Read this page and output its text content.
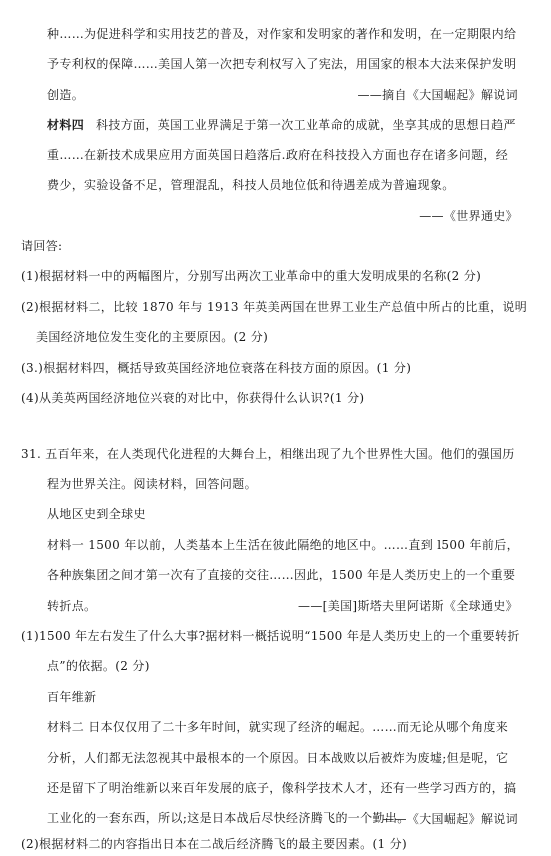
种……为促进科学和实用技艺的普及，对作家和发明家的著作和发明，在一定期限内给
予专利权的保障……美国人第一次把专利权写入了宪法，用国家的根本大法来保护发明
创造。	——摘自《大国崛起》解说词
材料四 科技方面，英国工业界满足于第一次工业革命的成就，坐享其成的思想日趋严
重……在新技术成果应用方面英国日趋落后.政府在科技投入方面也存在诸多问题，经
费少，实验设备不足，管理混乱，科技人员地位低和待遇差成为普遍现象。
——《世界通史》
请回答:
(1)根据材料一中的两幅图片，分别写出两次工业革命中的重大发明成果的名称(2 分)
(2)根据材料二，比较 1870 年与 1913 年英美两国在世界工业生产总值中所占的比重，说明
美国经济地位发生变化的主要原因。(2 分)
(3.)根据材料四，概括导致英国经济地位衰落在科技方面的原因。(1 分)
(4)从美英两国经济地位兴衰的对比中，你获得什么认识?(1 分)
31. 五百年来，在人类现代化进程的大舞台上，相继出现了九个世界性大国。他们的强国历
程为世界关注。阅读材料，回答问题。
从地区史到全球史
材料一 1500 年以前，人类基本上生活在彼此隔绝的地区中。……直到 l500 年前后，
各种族集团之间才第一次有了直接的交往……因此，1500 年是人类历史上的一个重要
转折点。	——[美国]斯塔夫里阿诺斯《全球通史》
(1)1500 年左右发生了什么大事?据材料一概括说明“1500 年是人类历史上的一个重要转折
点”的依据。(2 分)
百年维新
材料二 日本仅仅用了二十多年时间，就实现了经济的崛起。……而无论从哪个角度来
分析，人们都无法忽视其中最根本的一个原因。日本战败以后被炸为废墟;但是呢，它
还是留下了明治维新以来百年发展的底子，像科学技术人才，还有一些学习西方的，搞
工业化的一套东西，所以;这是日本战后尽快经济腾飞的一个勤出。
——《大国崛起》解说词
(2)根据材料二的内容指出日本在二战后经济腾飞的最主要因素。(1 分)
